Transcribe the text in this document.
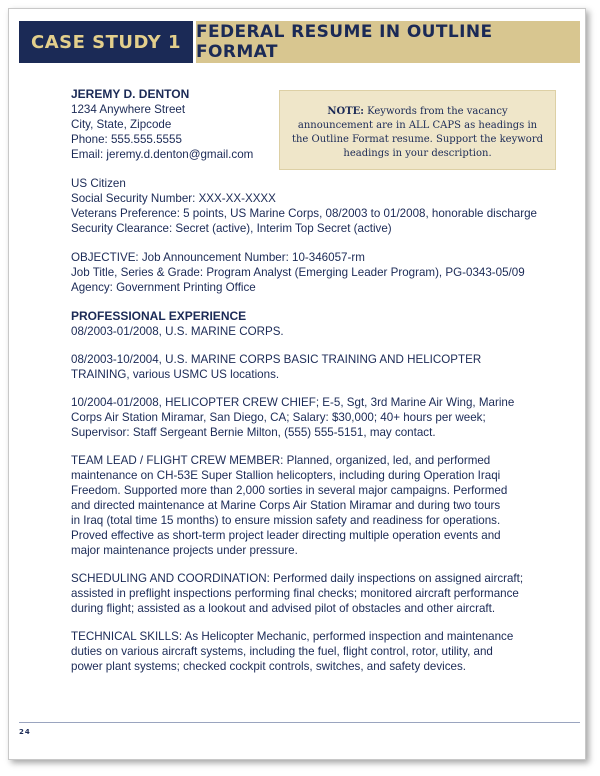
CASE STUDY 1 FEDERAL RESUME IN OUTLINE FORMAT
NOTE: Keywords from the vacancy announcement are in ALL CAPS as headings in the Outline Format resume. Support the keyword headings in your description.

JEREMY D. DENTON

1234 Anywhere Street
City, State, Zipcode
Phone: 555.555.5555
Email: jeremy.d.denton@gmail.com
US Citizen
Social Security Number: XXX-XX-XXXX
Veterans Preference: 5 points, US Marine Corps, 08/2003 to 01/2008, honorable discharge
Security Clearance: Secret (active), Interim Top Secret (active)
OBJECTIVE: Job Announcement Number: 10-346057-rm
Job Title, Series & Grade: Program Analyst (Emerging Leader Program), PG-0343-05/09
Agency: Government Printing Office

PROFESSIONAL EXPERIENCE

08/2003-01/2008, U.S. MARINE CORPS.
08/2003-10/2004, U.S. MARINE CORPS BASIC TRAINING AND HELICOPTER
TRAINING, various USMC US locations.
10/2004-01/2008, HELICOPTER CREW CHIEF; E-5, Sgt, 3rd Marine Air Wing, Marine
Corps Air Station Miramar, San Diego, CA; Salary: $30,000; 40+ hours per week;
Supervisor: Staff Sergeant Bernie Milton, (555) 555-5151, may contact.
TEAM LEAD / FLIGHT CREW MEMBER: Planned, organized, led, and performed
maintenance on CH-53E Super Stallion helicopters, including during Operation Iraqi
Freedom. Supported more than 2,000 sorties in several major campaigns. Performed
and directed maintenance at Marine Corps Air Station Miramar and during two tours
in Iraq (total time 15 months) to ensure mission safety and readiness for operations.
Proved effective as short-term project leader directing multiple operation events and
major maintenance projects under pressure.
SCHEDULING AND COORDINATION: Performed daily inspections on assigned aircraft;
assisted in preflight inspections performing final checks; monitored aircraft performance
during flight; assisted as a lookout and advised pilot of obstacles and other aircraft.
TECHNICAL SKILLS: As Helicopter Mechanic, performed inspection and maintenance
duties on various aircraft systems, including the fuel, flight control, rotor, utility, and
power plant systems; checked cockpit controls, switches, and safety devices.
24
